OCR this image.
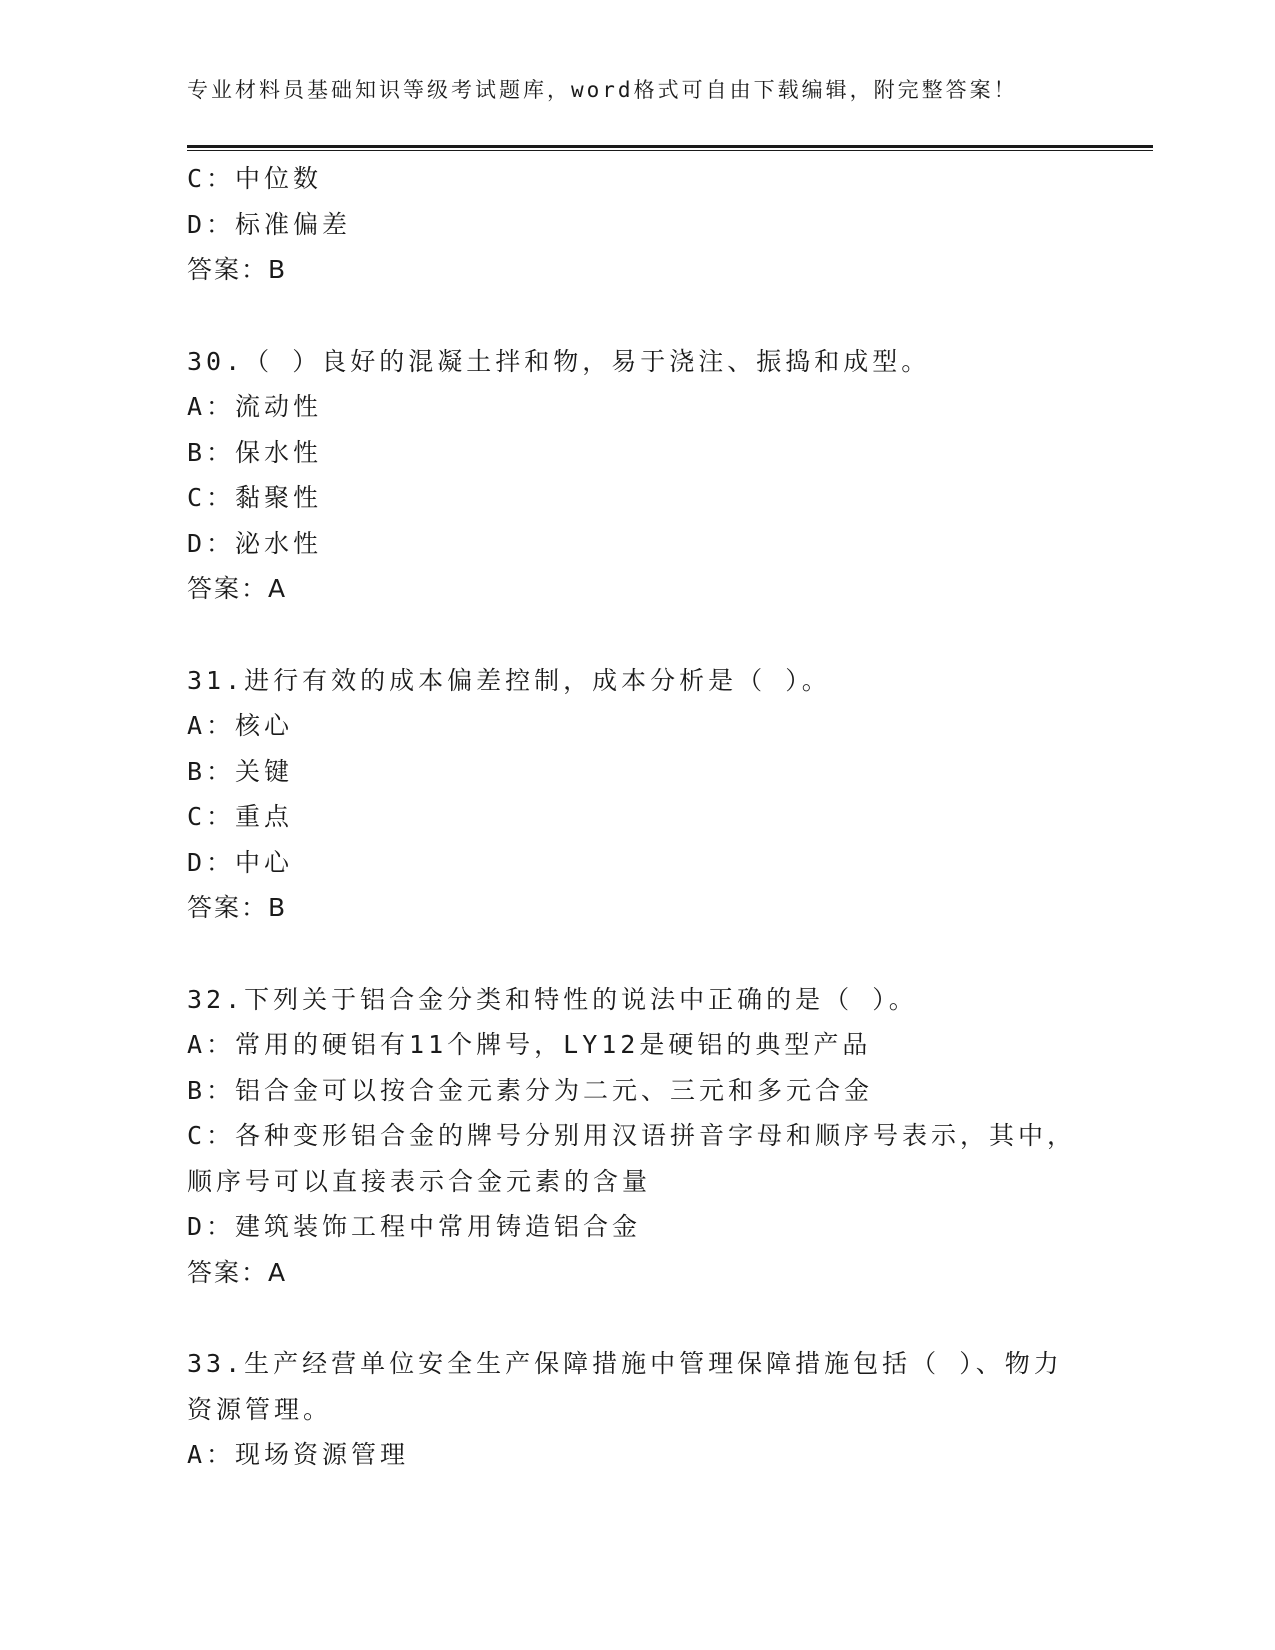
专业材料员基础知识等级考试题库，word格式可自由下载编辑，附完整答案！
C：中位数
D：标准偏差
答案：B
30.（ ）良好的混凝土拌和物，易于浇注、振捣和成型。
A：流动性
B：保水性
C：黏聚性
D：泌水性
答案：A
31.进行有效的成本偏差控制，成本分析是（ ）。
A：核心
B：关键
C：重点
D：中心
答案：B
32.下列关于铝合金分类和特性的说法中正确的是（ ）。
A：常用的硬铝有11个牌号，LY12是硬铝的典型产品
B：铝合金可以按合金元素分为二元、三元和多元合金
C：各种变形铝合金的牌号分别用汉语拼音字母和顺序号表示，其中，
顺序号可以直接表示合金元素的含量
D：建筑装饰工程中常用铸造铝合金
答案：A
33.生产经营单位安全生产保障措施中管理保障措施包括（ ）、物力
资源管理。
A：现场资源管理
